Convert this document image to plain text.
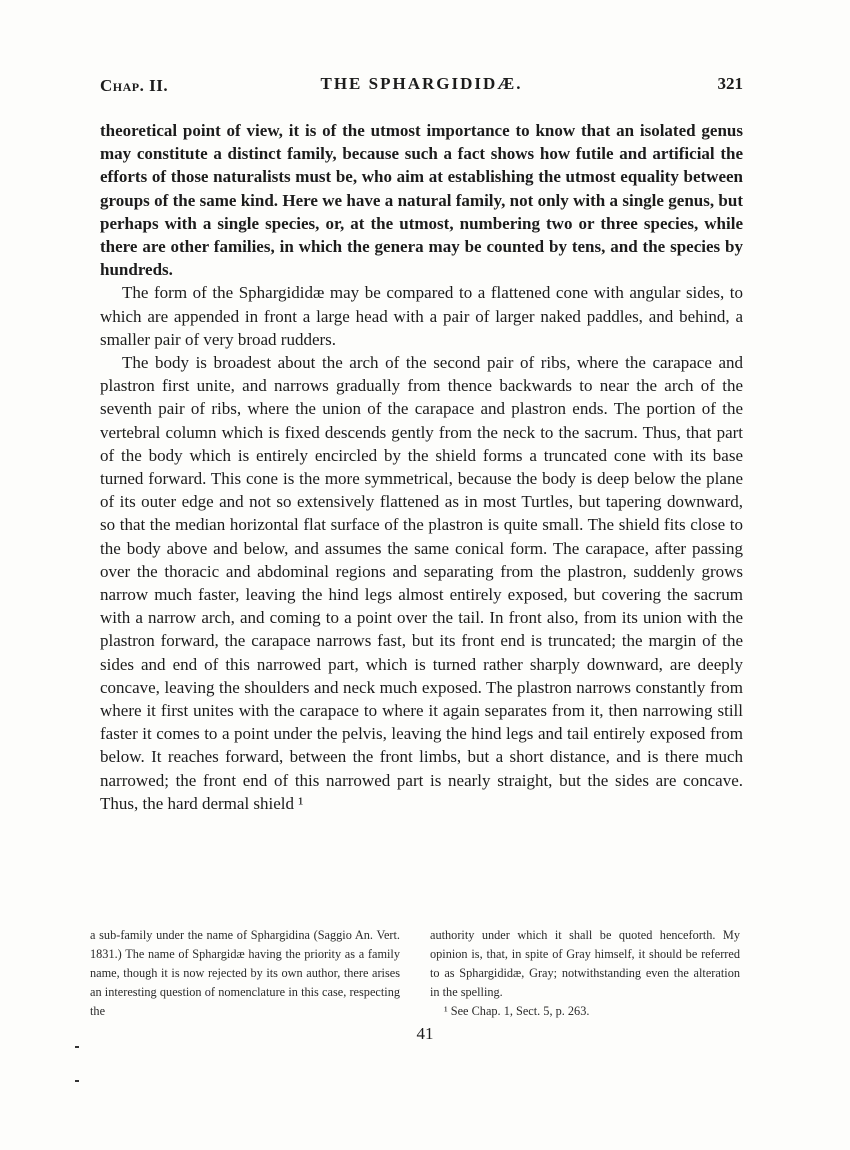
Chap. II.	THE SPHARGIDIDÆ.	321

theoretical point of view, it is of the utmost importance to know that an isolated genus may constitute a distinct family, because such a fact shows how futile and artificial the efforts of those naturalists must be, who aim at establishing the utmost equality between groups of the same kind. Here we have a natural family, not only with a single genus, but perhaps with a single species, or, at the utmost, numbering two or three species, while there are other families, in which the genera may be counted by tens, and the species by hundreds.

The form of the Sphargididæ may be compared to a flattened cone with angular sides, to which are appended in front a large head with a pair of larger naked paddles, and behind, a smaller pair of very broad rudders.

The body is broadest about the arch of the second pair of ribs, where the carapace and plastron first unite, and narrows gradually from thence backwards to near the arch of the seventh pair of ribs, where the union of the carapace and plastron ends. The portion of the vertebral column which is fixed descends gently from the neck to the sacrum. Thus, that part of the body which is entirely encircled by the shield forms a truncated cone with its base turned forward. This cone is the more symmetrical, because the body is deep below the plane of its outer edge and not so extensively flattened as in most Turtles, but tapering downward, so that the median horizontal flat surface of the plastron is quite small. The shield fits close to the body above and below, and assumes the same conical form. The carapace, after passing over the thoracic and abdominal regions and separating from the plastron, suddenly grows narrow much faster, leaving the hind legs almost entirely exposed, but covering the sacrum with a narrow arch, and coming to a point over the tail. In front also, from its union with the plastron forward, the carapace narrows fast, but its front end is truncated; the margin of the sides and end of this narrowed part, which is turned rather sharply downward, are deeply concave, leaving the shoulders and neck much exposed. The plastron narrows constantly from where it first unites with the carapace to where it again separates from it, then narrowing still faster it comes to a point under the pelvis, leaving the hind legs and tail entirely exposed from below. It reaches forward, between the front limbs, but a short distance, and is there much narrowed; the front end of this narrowed part is nearly straight, but the sides are concave. Thus, the hard dermal shield ¹

a sub-family under the name of Sphargidina (Saggio An. Vert. 1831.) The name of Sphargidæ having the priority as a family name, though it is now rejected by its own author, there arises an interesting question of nomenclature in this case, respecting the

authority under which it shall be quoted henceforth. My opinion is, that, in spite of Gray himself, it should be referred to as Sphargididæ, Gray; notwithstanding even the alteration in the spelling.

¹ See Chap. 1, Sect. 5, p. 263.

41
